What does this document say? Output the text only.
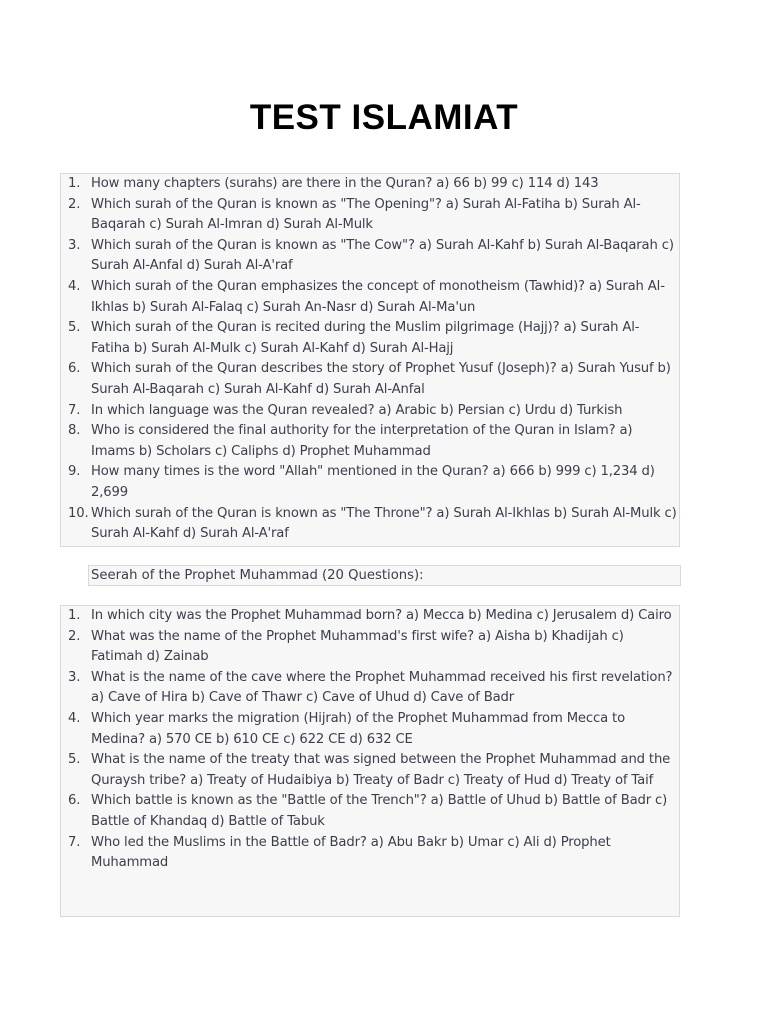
TEST ISLAMIAT
1. How many chapters (surahs) are there in the Quran? a) 66 b) 99 c) 114 d) 143
2. Which surah of the Quran is known as "The Opening"? a) Surah Al-Fatiha b) Surah Al-Baqarah c) Surah Al-Imran d) Surah Al-Mulk
3. Which surah of the Quran is known as "The Cow"? a) Surah Al-Kahf b) Surah Al-Baqarah c) Surah Al-Anfal d) Surah Al-A'raf
4. Which surah of the Quran emphasizes the concept of monotheism (Tawhid)? a) Surah Al-Ikhlas b) Surah Al-Falaq c) Surah An-Nasr d) Surah Al-Ma'un
5. Which surah of the Quran is recited during the Muslim pilgrimage (Hajj)? a) Surah Al-Fatiha b) Surah Al-Mulk c) Surah Al-Kahf d) Surah Al-Hajj
6. Which surah of the Quran describes the story of Prophet Yusuf (Joseph)? a) Surah Yusuf b) Surah Al-Baqarah c) Surah Al-Kahf d) Surah Al-Anfal
7. In which language was the Quran revealed? a) Arabic b) Persian c) Urdu d) Turkish
8. Who is considered the final authority for the interpretation of the Quran in Islam? a) Imams b) Scholars c) Caliphs d) Prophet Muhammad
9. How many times is the word "Allah" mentioned in the Quran? a) 666 b) 999 c) 1,234 d) 2,699
10. Which surah of the Quran is known as "The Throne"? a) Surah Al-Ikhlas b) Surah Al-Mulk c) Surah Al-Kahf d) Surah Al-A'raf
Seerah of the Prophet Muhammad (20 Questions):
1. In which city was the Prophet Muhammad born? a) Mecca b) Medina c) Jerusalem d) Cairo
2. What was the name of the Prophet Muhammad's first wife? a) Aisha b) Khadijah c) Fatimah d) Zainab
3. What is the name of the cave where the Prophet Muhammad received his first revelation? a) Cave of Hira b) Cave of Thawr c) Cave of Uhud d) Cave of Badr
4. Which year marks the migration (Hijrah) of the Prophet Muhammad from Mecca to Medina? a) 570 CE b) 610 CE c) 622 CE d) 632 CE
5. What is the name of the treaty that was signed between the Prophet Muhammad and the Quraysh tribe? a) Treaty of Hudaibiya b) Treaty of Badr c) Treaty of Hud d) Treaty of Taif
6. Which battle is known as the "Battle of the Trench"? a) Battle of Uhud b) Battle of Badr c) Battle of Khandaq d) Battle of Tabuk
7. Who led the Muslims in the Battle of Badr? a) Abu Bakr b) Umar c) Ali d) Prophet Muhammad
